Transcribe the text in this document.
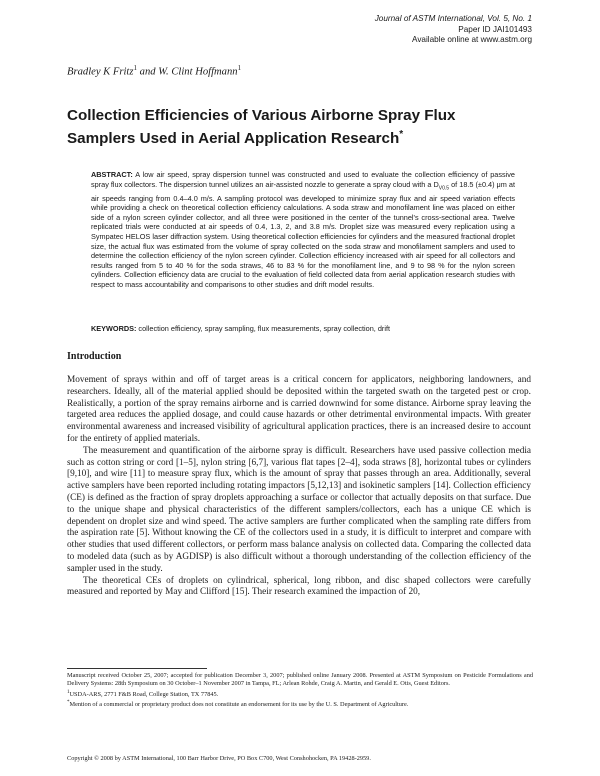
Journal of ASTM International, Vol. 5, No. 1
Paper ID JAI101493
Available online at www.astm.org
Bradley K Fritz$^1$ and W. Clint Hoffmann$^1$
Collection Efficiencies of Various Airborne Spray Flux
Samplers Used in Aerial Application Research*
ABSTRACT: A low air speed, spray dispersion tunnel was constructed and used to evaluate the collection efficiency of passive spray flux collectors. The dispersion tunnel utilizes an air-assisted nozzle to generate a spray cloud with a $D_{V0.5}$ of 18.5 (±0.4) μm at air speeds ranging from 0.4–4.0 m/s. A sampling protocol was developed to minimize spray flux and air speed variation effects while providing a check on theoretical collection efficiency calculations. A soda straw and monofilament line was placed on either side of a nylon screen cylinder collector, and all three were positioned in the center of the tunnel's cross-sectional area. Twelve replicated trials were conducted at air speeds of 0.4, 1.3, 2, and 3.8 m/s. Droplet size was measured every replication using a Sympatec HELOS laser diffraction system. Using theoretical collection efficiencies for cylinders and the measured fractional droplet size, the actual flux was estimated from the volume of spray collected on the soda straw and monofilament samplers and used to determine the collection efficiency of the nylon screen cylinder. Collection efficiency increased with air speed for all collectors and results ranged from 5 to 40 % for the soda straws, 46 to 83 % for the monofilament line, and 9 to 98 % for the nylon screen cylinders. Collection efficiency data are crucial to the evaluation of field collected data from aerial application research studies with respect to mass accountability and comparisons to other studies and drift model results.
KEYWORDS: collection efficiency, spray sampling, flux measurements, spray collection, drift
Introduction

Movement of sprays within and off of target areas is a critical concern for applicators, neighboring landowners, and researchers. Ideally, all of the material applied should be deposited within the targeted swath on the targeted pest or crop. Realistically, a portion of the spray remains airborne and is carried downwind for some distance. Airborne spray leaving the targeted area reduces the applied dosage, and could cause hazards or other detrimental environmental impacts. With greater environmental awareness and increased visibility of agricultural application practices, there is an increased desire to account for the entirety of applied materials.

The measurement and quantification of the airborne spray is difficult. Researchers have used passive collection media such as cotton string or cord [1–5], nylon string [6,7], various flat tapes [2–4], soda straws [8], horizontal tubes or cylinders [9,10], and wire [11] to measure spray flux, which is the amount of spray that passes through an area. Additionally, several active samplers have been reported including rotating impactors [5,12,13] and isokinetic samplers [14]. Collection efficiency (CE) is defined as the fraction of spray droplets approaching a surface or collector that actually deposits on that surface. Due to the unique shape and physical characteristics of the different samplers/collectors, each has a unique CE which is dependent on droplet size and wind speed. The active samplers are further complicated when the sampling rate differs from the aspiration rate [5]. Without knowing the CE of the collectors used in a study, it is difficult to interpret and compare with other studies that used different collectors, or perform mass balance analysis on collected data. Comparing the collected data to modeled data (such as by AGDISP) is also difficult without a thorough understanding of the collection efficiency of the sampler used in the study.

The theoretical CEs of droplets on cylindrical, spherical, long ribbon, and disc shaped collectors were carefully measured and reported by May and Clifford [15]. Their research examined the impaction of 20,

Manuscript received October 25, 2007; accepted for publication December 3, 2007; published online January 2008. Presented at ASTM Symposium on Pesticide Formulations and Delivery Systems: 28th Symposium on 30 October–1 November 2007 in Tampa, FL; Arlean Rohde, Craig A. Martin, and Gerald E. Otis, Guest Editors.

$^1$USDA-ARS, 2771 F&B Road, College Station, TX 77845.

*Mention of a commercial or proprietary product does not constitute an endorsement for its use by the U. S. Department of Agriculture.

Copyright © 2008 by ASTM International, 100 Barr Harbor Drive, PO Box C700, West Conshohocken, PA 19428-2959.
